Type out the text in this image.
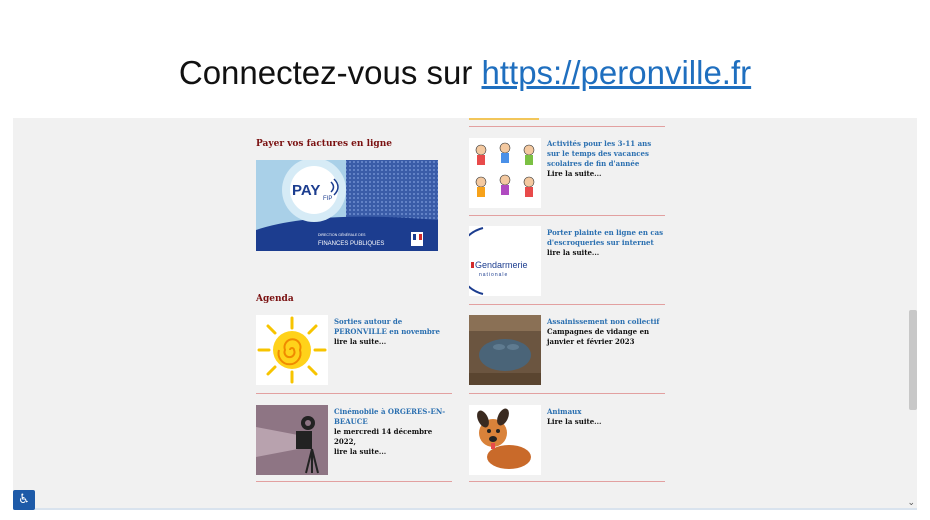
Connectez-vous sur https://peronville.fr
Payer vos factures en ligne
PAY FIP
DIRECTION GÉNÉRALE DES
FINANCES PUBLIQUES
Agenda
Sorties autour de PERONVILLE en novembre
lire la suite...
Cinémobile à ORGERES-EN-BEAUCE
le mercredi 14 décembre 2022,
lire la suite...
Activités pour les 3-11 ans sur le temps des vacances scolaires de fin d'année
Lire la suite...
Gendarmerie
nationale
Porter plainte en ligne en cas d'escroqueries sur internet
lire la suite...
Assainissement non collectif
Campagnes de vidange en janvier et février 2023
Animaux
Lire la suite...
♿	⌄
